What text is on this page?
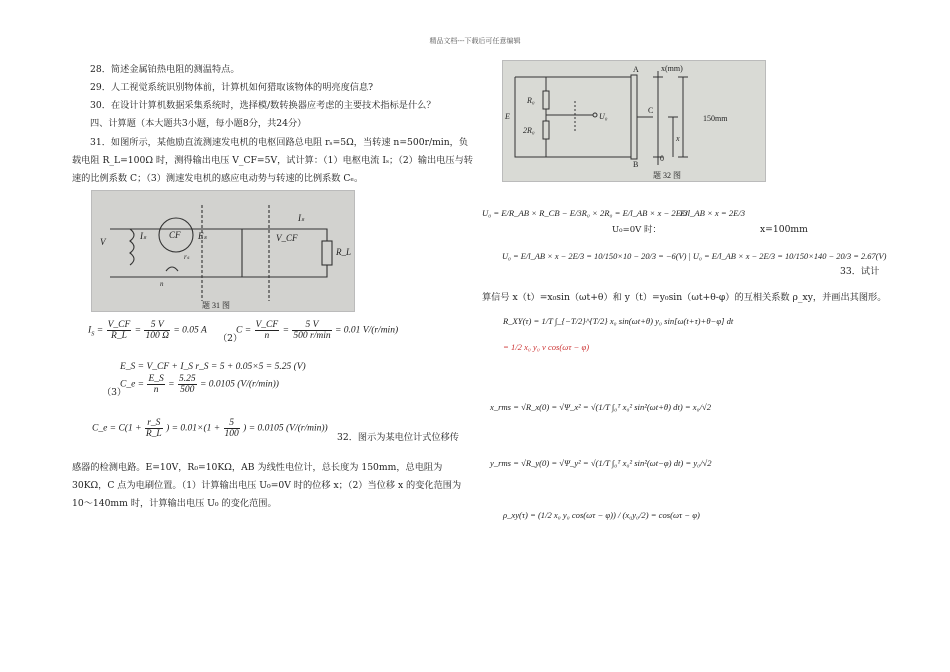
精品文档---下载后可任意编辑
28．简述金属铂热电阻的测温特点。
29．人工视觉系统识别物体前，计算机如何猎取该物体的明亮度信息?
30．在设计计算机数据采集系统时，选择模/数转换器应考虑的主要技术指标是什么？
四、计算题（本大题共3小题，每小题8分，共24分）
31．如图所示，某他励直流测速发电机的电枢回路总电阻 rₛ=5Ω，当转速 n=500r/min，负
载电阻 R_L=100Ω 时，测得输出电压 V_CF=5V，试计算：（1）电枢电流 Iₛ；（2）输出电压与转
速的比例系数 C；（3）测速发电机的感应电动势与转速的比例系数 Cₑ。
V
Iₛ	CF Eₛ
rₛ
n
V_CF
Iₛ
R_L
题 31 图
$I_S = \frac{V\_CF}{R\_L} = \frac{5 V}{100 \Omega} = 0.05$ A
（2）
$C = \frac{V\_CF}{n} = \frac{5 V}{500 r/\min} = 0.01$ V/(r/min)
E_S = V_CF + I_S r_S = 5 + 0.05×5 = 5.25 (V)
（3）
C_e = $\frac{E\_S}{n} = \frac{5.25}{500} = 0.0105$ (V/(r/min))
C_e = $C(1 + \frac{r\_S}{R\_L}$ ) = $0.01\times(1 + \frac{5}{100}$ ) = 0.0105 (V/(r/min))
32．图示为某电位计式位移传
感器的检测电路。E=10V，R₀=10KΩ，AB 为线性电位计，总长度为 150mm，总电阻为
30KΩ，C 点为电刷位置。（1）计算输出电压 U₀=0V 时的位移 x；（2）当位移 x 的变化范围为
10～140mm 时，计算输出电压 U₀ 的变化范围。
A
B
C
0
x(mm)
150mm
E
R₀
2R₀
U₀
x
题 32 图
U₀ = E/R_AB × R_CB − E/3R₀ × 2R₀ = E/l_AB × x − 2E/3
U₀=0V 时：
E/l_AB × x = 2E/3
x=100mm
U₀ = E/l_AB × x − 2E/3 = 10/150×10 − 20/3 = −6(V) | U₀ = E/l_AB × x − 2E/3 = 10/150×140 − 20/3 = 2.67(V)
33．试计
算信号 x（t）=x₀sin（ωt+θ）和 y（t）=y₀sin（ωt+θ-φ）的互相关系数 ρ_xy，并画出其图形。
R_XY(τ) = 1/T ∫_{−T/2}^{T/2} x₀ sin(ωt+θ) y₀ sin[ω(t+τ)+θ−φ] dt
= 1/2 x₀ y₀ v cos(ωτ − φ)
x_rms = √R_x(0) = √Ψ_x² = √(1/T ∫₀ᵀ x₀² sin²(ωt+θ) dt) = x₀/√2
y_rms = √R_y(0) = √Ψ_y² = √(1/T ∫₀ᵀ x₀² sin²(ωt−φ) dt) = y₀/√2
ρ_xy(τ) = (1/2 x₀ y₀ cos(ωτ − φ)) / (x₀y₀/2) = cos(ωτ − φ)
